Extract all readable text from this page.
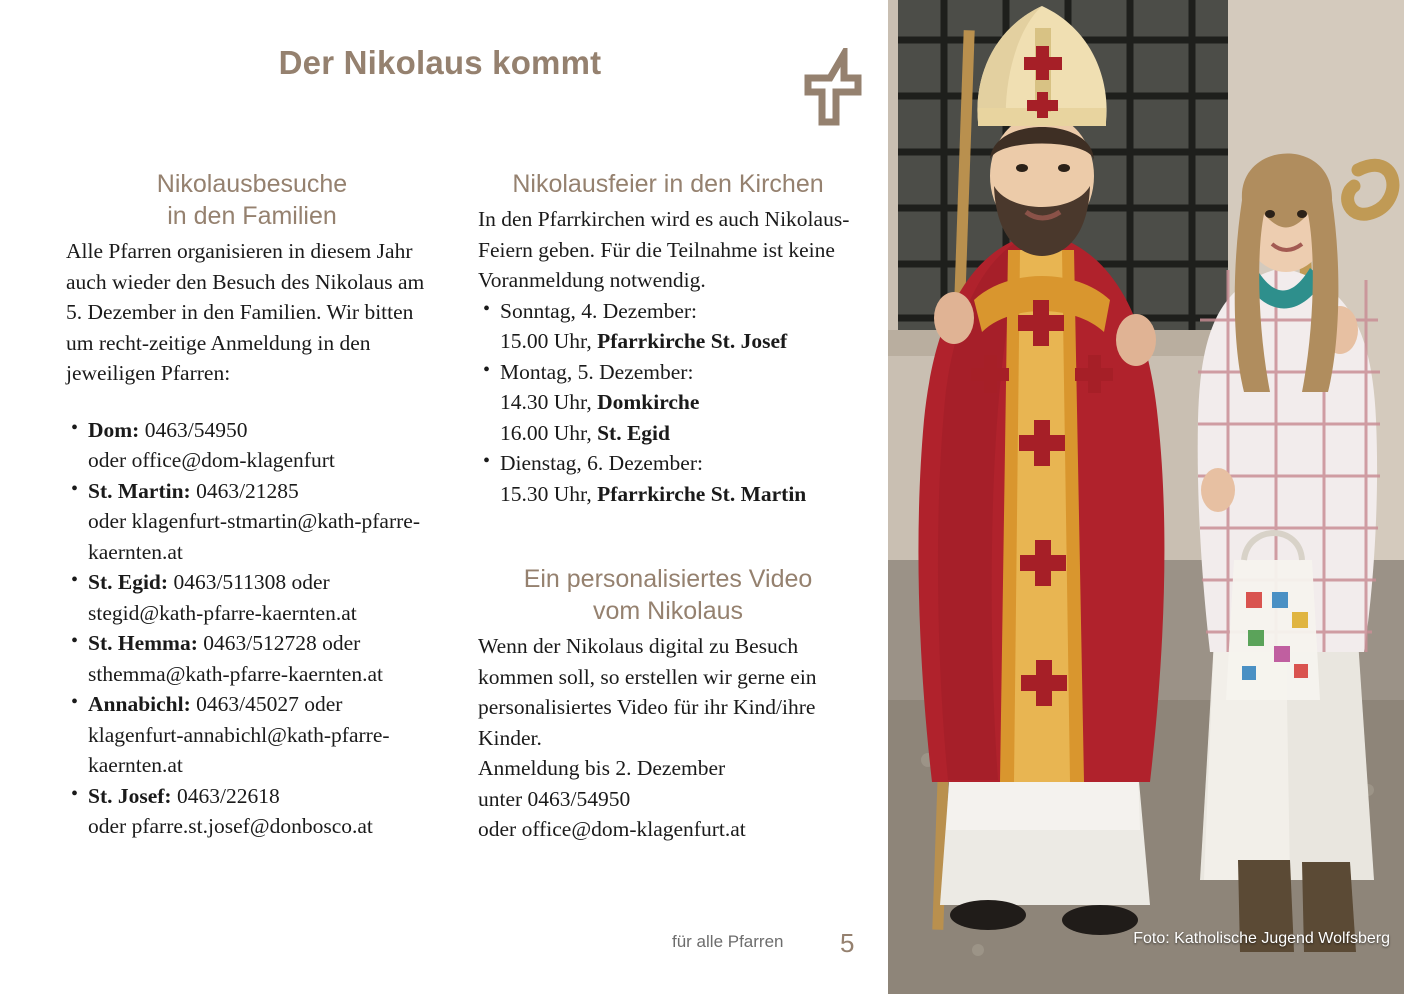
Der Nikolaus kommt
Nikolausbesuche
in den Familien

Alle Pfarren organisieren in diesem Jahr auch wieder den Besuch des Nikolaus am 5. Dezember in den Familien. Wir bitten um recht-zeitige Anmeldung in den jeweiligen Pfarren:

• Dom: 0463/54950
oder office@dom-klagenfurt
• St. Martin: 0463/21285
oder klagenfurt-stmartin@kath-pfarre-kaernten.at
• St. Egid: 0463/511308 oder
stegid@kath-pfarre-kaernten.at
• St. Hemma: 0463/512728 oder
sthemma@kath-pfarre-kaernten.at
• Annabichl: 0463/45027 oder
klagenfurt-annabichl@kath-pfarre-kaernten.at
• St. Josef: 0463/22618
oder pfarre.st.josef@donbosco.at
Nikolausfeier in den Kirchen

In den Pfarrkirchen wird es auch Nikolaus-Feiern geben. Für die Teilnahme ist keine Voranmeldung notwendig.

• Sonntag, 4. Dezember:
15.00 Uhr, Pfarrkirche St. Josef
• Montag, 5. Dezember:
14.30 Uhr, Domkirche
16.00 Uhr, St. Egid
• Dienstag, 6. Dezember:
15.30 Uhr, Pfarrkirche St. Martin
Ein personalisiertes Video
vom Nikolaus

Wenn der Nikolaus digital zu Besuch kommen soll, so erstellen wir gerne ein personalisiertes Video für ihr Kind/ihre Kinder.

Anmeldung bis 2. Dezember

unter 0463/54950

oder office@dom-klagenfurt.at

für alle Pfarren 5	Foto: Katholische Jugend Wolfsberg
